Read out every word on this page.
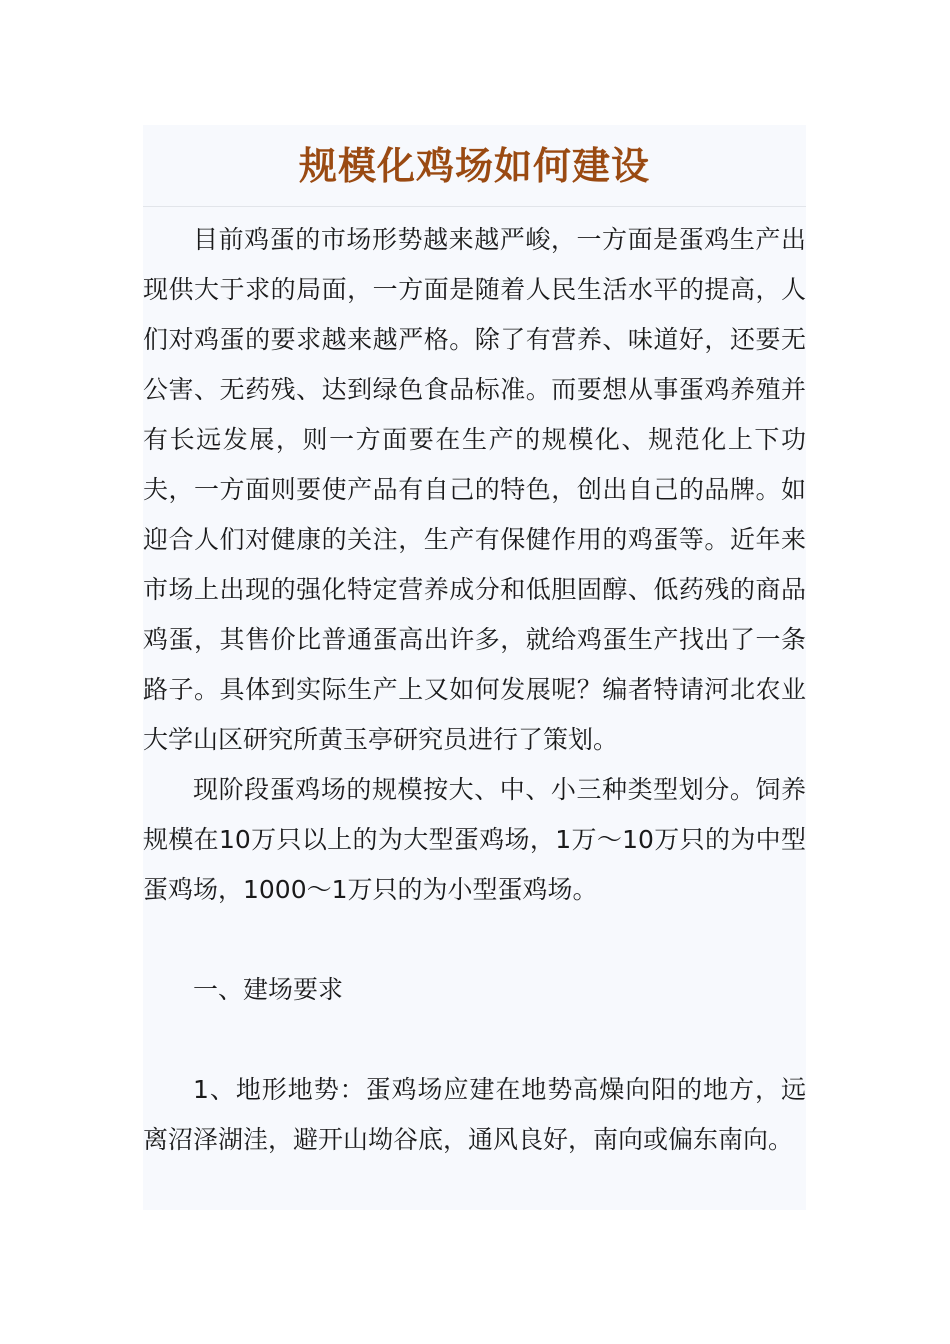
规模化鸡场如何建设

目前鸡蛋的市场形势越来越严峻，一方面是蛋鸡生产出现供大于求的局面，一方面是随着人民生活水平的提高，人们对鸡蛋的要求越来越严格。除了有营养、味道好，还要无公害、无药残、达到绿色食品标准。而要想从事蛋鸡养殖并有长远发展，则一方面要在生产的规模化、规范化上下功夫，一方面则要使产品有自己的特色，创出自己的品牌。如迎合人们对健康的关注，生产有保健作用的鸡蛋等。近年来市场上出现的强化特定营养成分和低胆固醇、低药残的商品鸡蛋，其售价比普通蛋高出许多，就给鸡蛋生产找出了一条路子。具体到实际生产上又如何发展呢？编者特请河北农业大学山区研究所黄玉亭研究员进行了策划。

现阶段蛋鸡场的规模按大、中、小三种类型划分。饲养规模在10万只以上的为大型蛋鸡场，1万～10万只的为中型蛋鸡场，1000～1万只的为小型蛋鸡场。

一、建场要求

1、地形地势：蛋鸡场应建在地势高燥向阳的地方，远离沼泽湖洼，避开山坳谷底，通风良好，南向或偏东南向。
